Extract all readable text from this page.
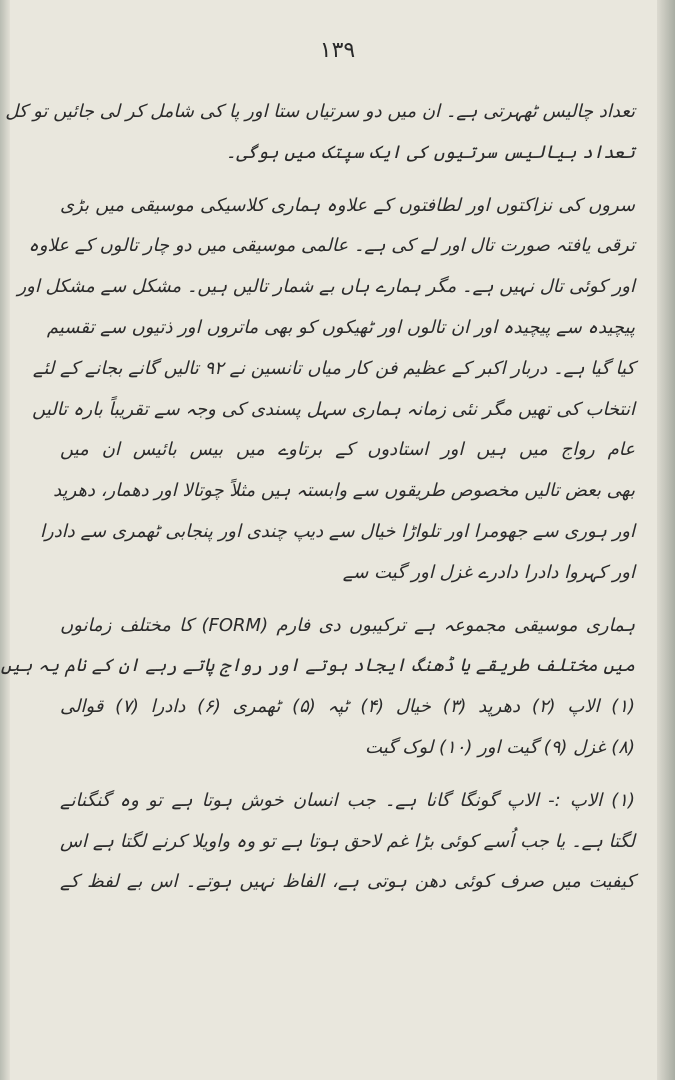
۱۳۹
تعداد چالیس ٹھہرتی ہے۔ ان میں دو سرتیاں ستا اور پا کی شامل کر لی جائیں تو کل
تعداد بیالیس سرتیوں کی ایک سپتک میں ہوگی۔
سروں کی نزاکتوں اور لطافتوں کے علاوہ ہماری کلاسیکی موسیقی میں بڑی
ترقی یافتہ صورت تال اور لے کی ہے۔ عالمی موسیقی میں دو چار تالوں کے علاوہ
اور کوئی تال نہیں ہے۔ مگر ہمارے ہاں بے شمار تالیں ہیں۔ مشکل سے مشکل اور
پیچیدہ سے پیچیدہ اور ان تالوں اور ٹھیکوں کو بھی ماتروں اور ذتیوں سے تقسیم
کیا گیا ہے۔ دربار اکبر کے عظیم فن کار میاں تانسین نے ۹۲ تالیں گانے بجانے کے لئے
انتخاب کی تھیں مگر نئی زمانہ ہماری سہل پسندی کی وجہ سے تقریباً بارہ تالیں
عام رواج میں ہیں اور استادوں کے برتاوے میں بیس بائیس ان میں
بھی بعض تالیں مخصوص طریقوں سے وابستہ ہیں مثلاً چوتالا اور دھمار، دھرپد
اور ہوری سے جھومرا اور تلواڑا خیال سے دیپ چندی اور پنجابی ٹھمری سے دادرا
اور کہروا دادرا دادرے غزل اور گیت سے
ہماری موسیقی مجموعہ ہے ترکیبوں دی فارم (FORM) کا مختلف زمانوں
میں مختلف طریقے یا ڈھنگ ایجاد ہوتے اور رواج پاتے رہے ان کے نام یہ ہیں
(۱) الاپ (۲) دھرپد (۳) خیال (۴) ٹپہ (۵) ٹھمری (۶) دادرا (۷) قوالی
(۸) غزل (۹) گیت اور (۱۰) لوک گیت
(۱) الاپ :- الاپ گونگا گانا ہے۔ جب انسان خوش ہوتا ہے تو وہ گنگنانے
لگتا ہے۔ یا جب اُسے کوئی بڑا غم لاحق ہوتا ہے تو وہ واویلا کرنے لگتا ہے اس
کیفیت میں صرف کوئی دھن ہوتی ہے، الفاظ نہیں ہوتے۔ اس بے لفظ کے
